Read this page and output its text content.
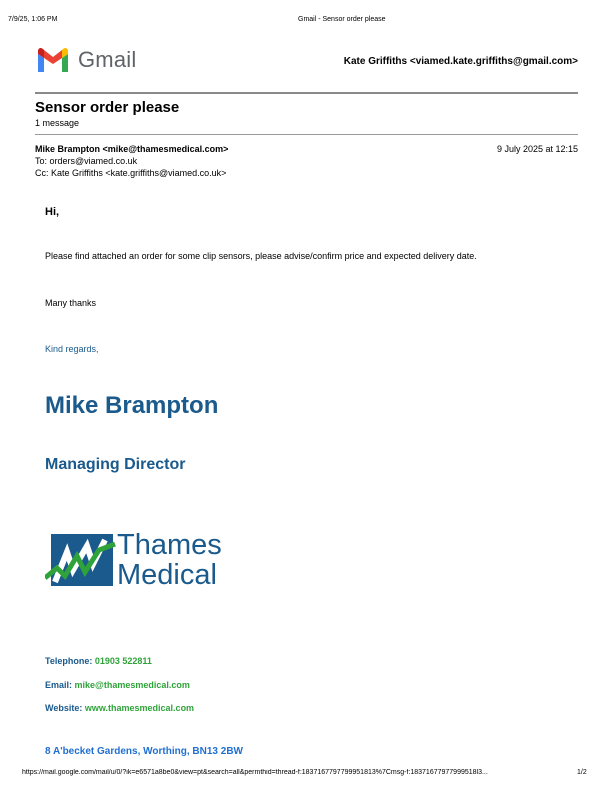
7/9/25, 1:06 PM	Gmail - Sensor order please
Gmail	Kate Griffiths <viamed.kate.griffiths@gmail.com>
Sensor order please
1 message
Mike Brampton <mike@thamesmedical.com>	9 July 2025 at 12:15
To: orders@viamed.co.uk
Cc: Kate Griffiths <kate.griffiths@viamed.co.uk>
Hi,
Please find attached an order for some clip sensors, please advise/confirm price and expected delivery date.
Many thanks
Kind regards,
Mike Brampton
Managing Director
Thames
Medical
Telephone: 01903 522811
Email: mike@thamesmedical.com
Website: www.thamesmedical.com
8 A'becket Gardens, Worthing, BN13 2BW
https://mail.google.com/mail/u/0/?ik=e6571a8be0&view=pt&search=all&permthid=thread-f:1837167797799951813%7Cmsg-f:18371677977999518l3...	1/2
